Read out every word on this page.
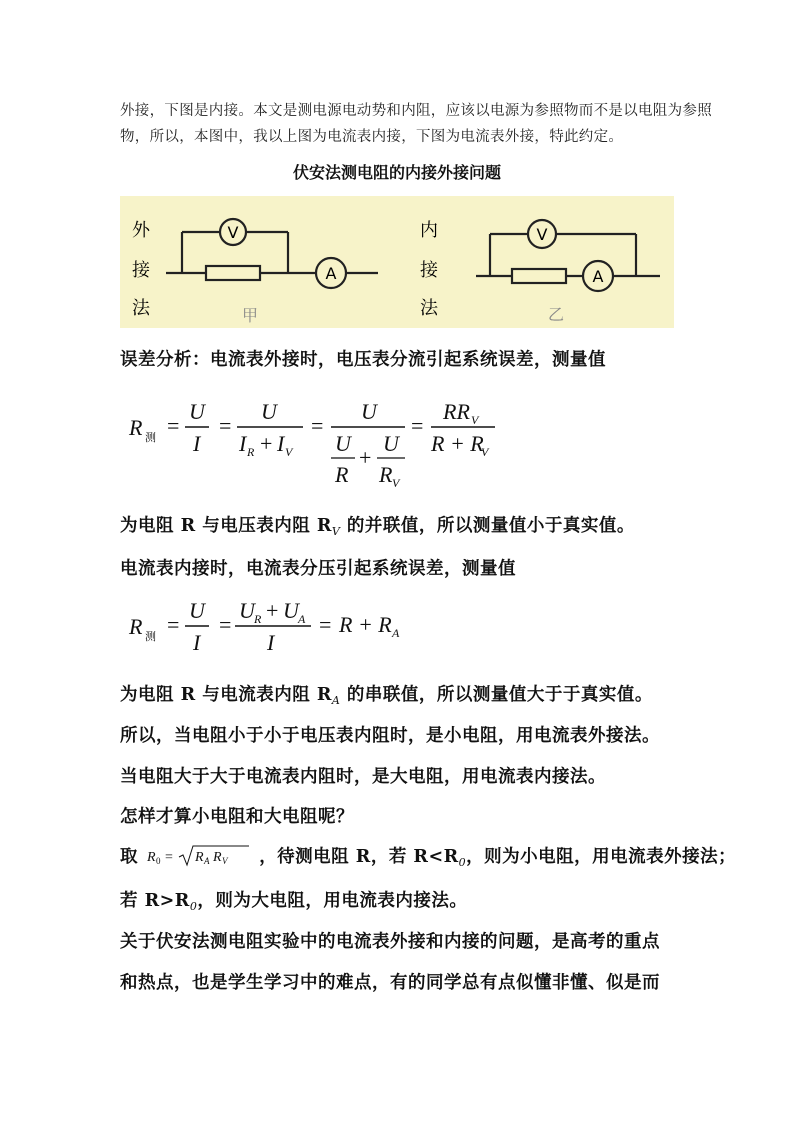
外接，下图是内接。本文是测电源电动势和内阻，应该以电源为参照物而不是以电阻为参照
物，所以，本图中，我以上图为电流表内接，下图为电流表外接，特此约定。
伏安法测电阻的内接外接问题
外
接
法
V
A
甲
内
接
法
V
A
乙
误差分析：电流表外接时，电压表分流引起系统误差，测量值
R 测 =
U
I
=
U
I R + I V
=
U
U
R
+
U
R V
=
RR V
R + R
V
为电阻 R 与电压表内阻 $R_V$ 的并联值，所以测量值小于真实值。
电流表内接时，电流表分压引起系统误差，测量值
R 测 =
U
I
=
U R + U A
I
= R + R A
为电阻 R 与电流表内阻 $R_A$ 的串联值，所以测量值大于于真实值。
所以，当电阻小于小于电压表内阻时，是小电阻，用电流表外接法。
当电阻大于大于电流表内阻时，是大电阻，用电流表内接法。
怎样才算小电阻和大电阻呢？
取 R 0 = R A R V ，待测电阻 R，若 $R<R_0$，则为小电阻，用电流表外接法；
若 $R>R_0$，则为大电阻，用电流表内接法。
关于伏安法测电阻实验中的电流表外接和内接的问题，是高考的重点
和热点，也是学生学习中的难点，有的同学总有点似懂非懂、似是而
